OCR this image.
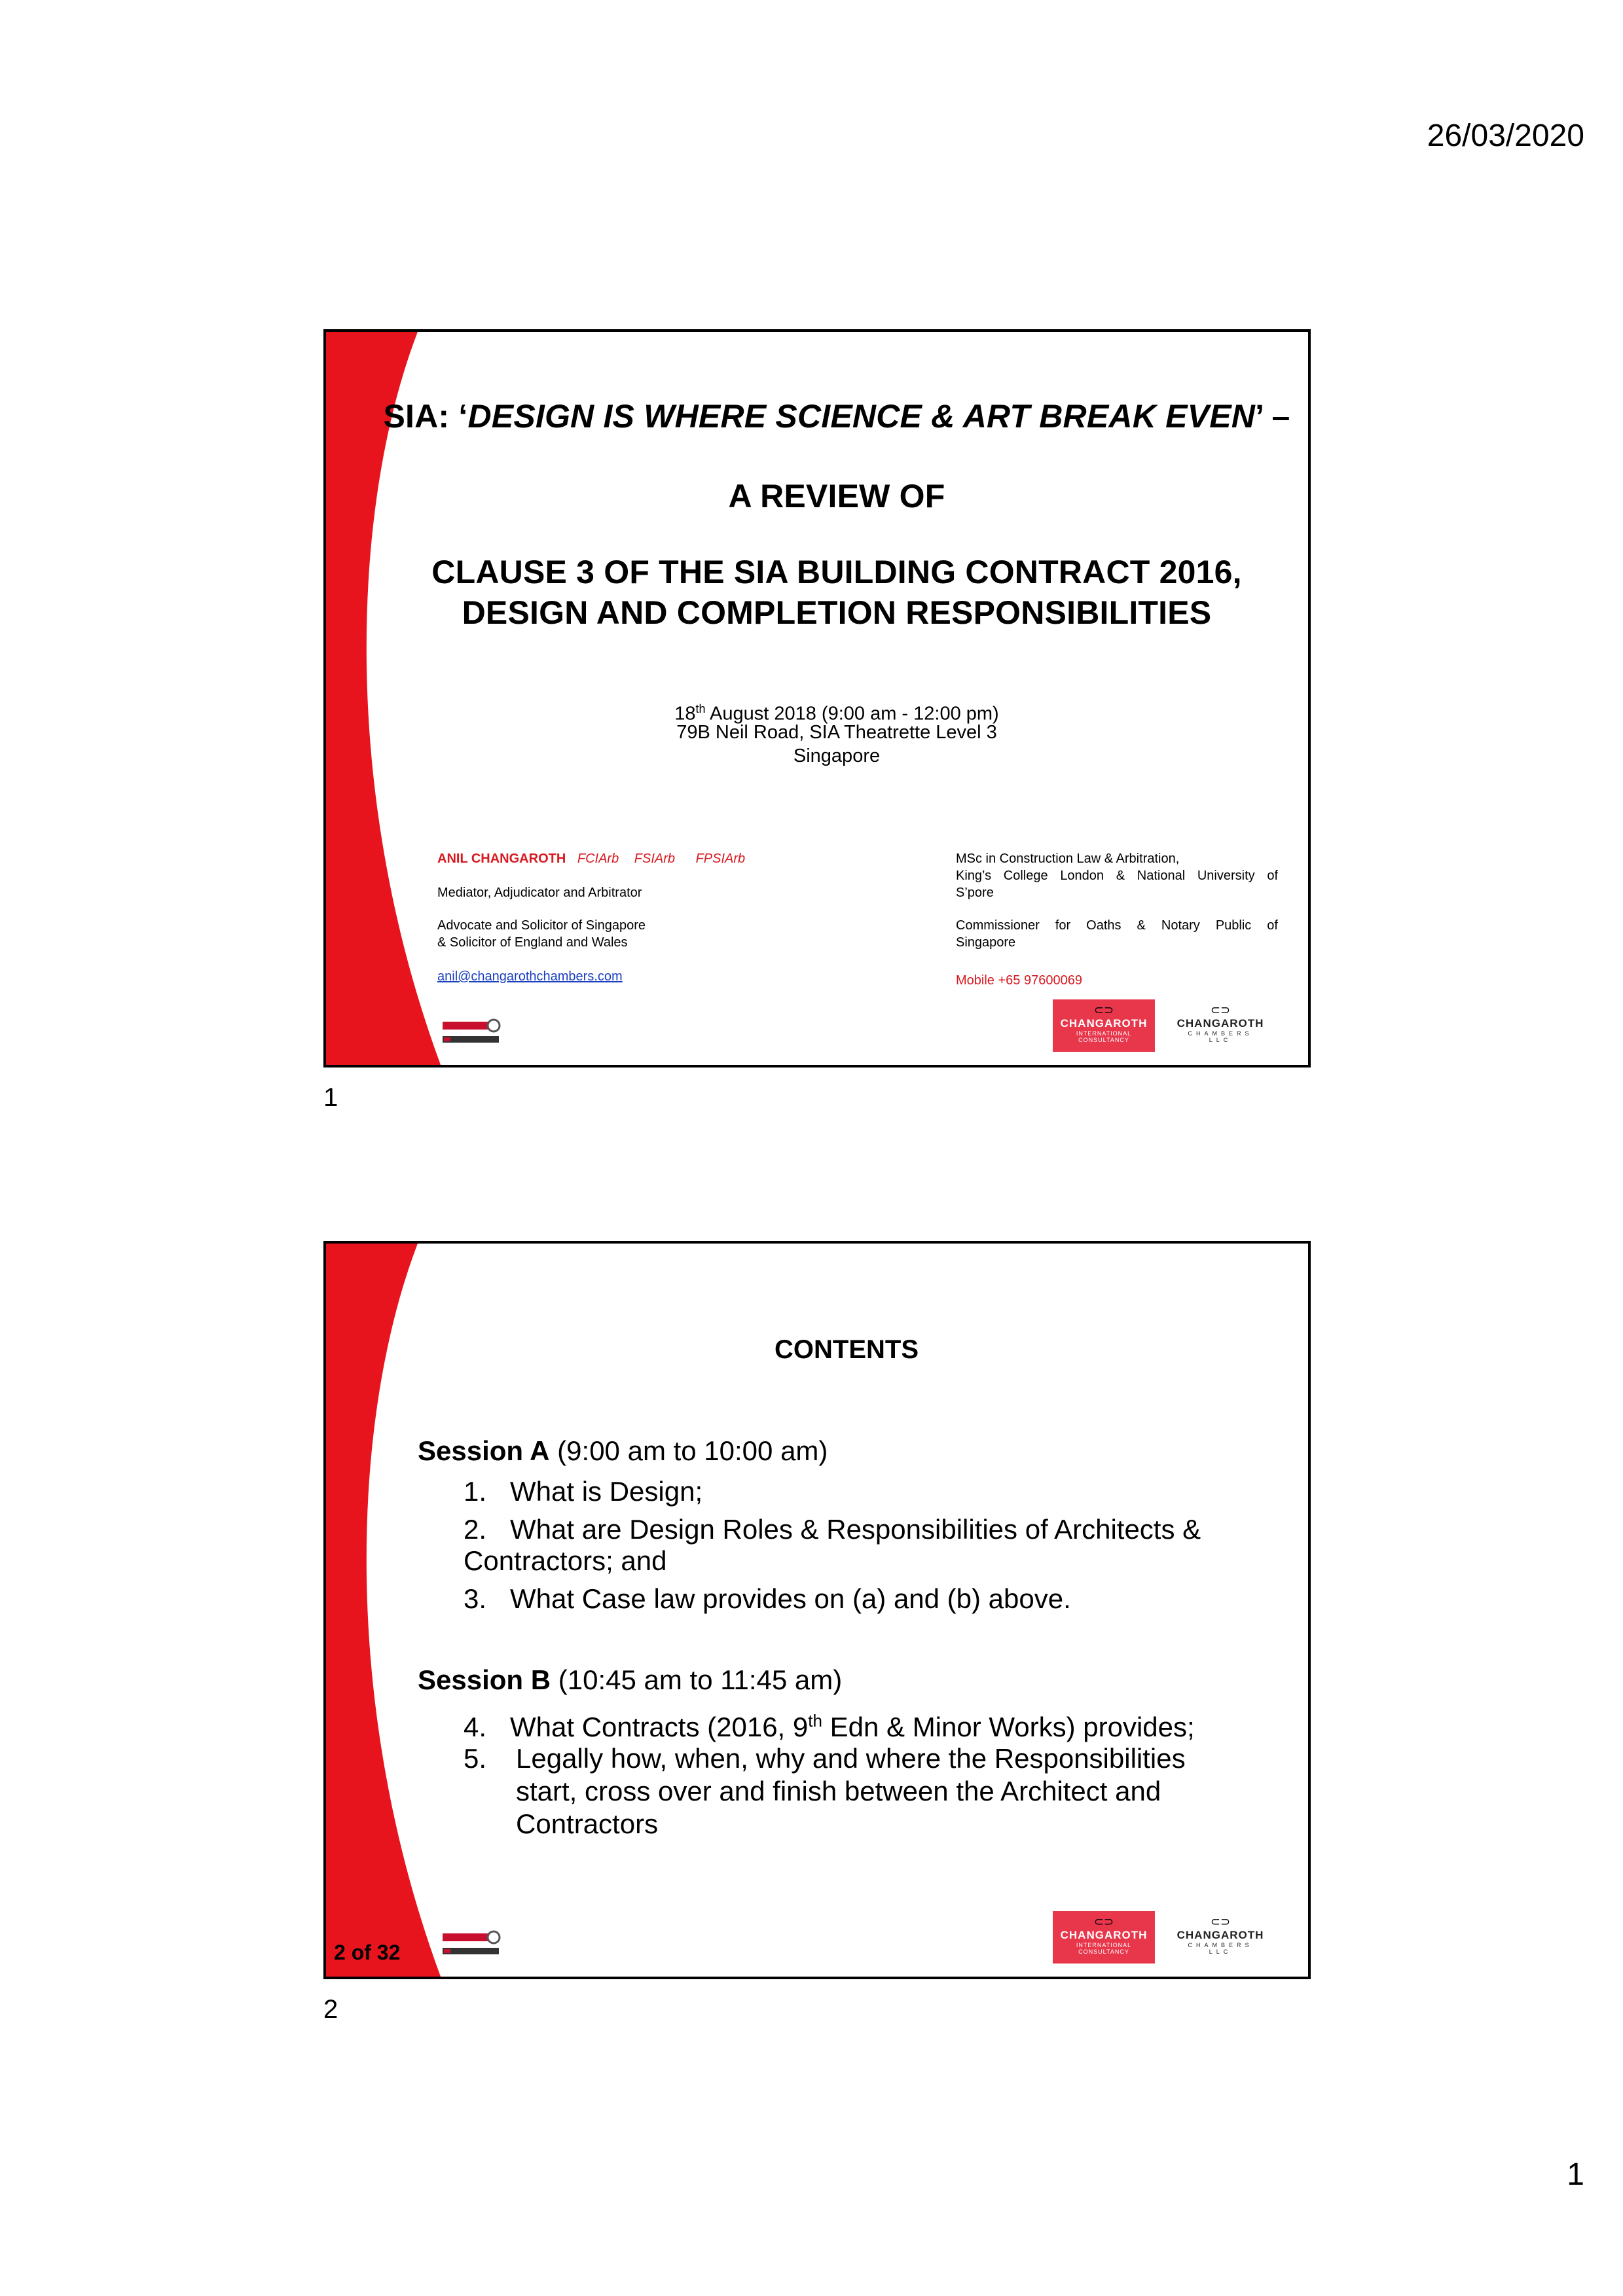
26/03/2020
1
SIA: ‘DESIGN IS WHERE SCIENCE & ART BREAK EVEN’ –
A REVIEW OF
CLAUSE 3 OF THE SIA BUILDING CONTRACT 2016,
DESIGN AND COMPLETION RESPONSIBILITIES
18th August 2018 (9:00 am - 12:00 pm)
79B Neil Road, SIA Theatrette Level 3
Singapore
ANIL CHANGAROTH FCIArb FSIArb FPSIArb
Mediator, Adjudicator and Arbitrator
Advocate and Solicitor of Singapore
& Solicitor of England and Wales
anil@changarothchambers.com
MSc in Construction Law & Arbitration,
King’s College London & National University of
S’pore
Commissioner for Oaths & Notary Public of
Singapore
Mobile +65 97600069
⊂⊃
CHANGAROTH
INTERNATIONAL CONSULTANCY
⊂⊃
CHANGAROTH
CHAMBERS LLC
1
CONTENTS
Session A (9:00 am to 10:00 am)
1. What is Design;
2. What are Design Roles & Responsibilities of Architects &
Contractors; and
3. What Case law provides on (a) and (b) above.
Session B (10:45 am to 11:45 am)
4. What Contracts (2016, 9th Edn & Minor Works) provides;
5. Legally how, when, why and where the Responsibilities
start, cross over and finish between the Architect and
Contractors
2 of 32
⊂⊃
CHANGAROTH
INTERNATIONAL CONSULTANCY
⊂⊃
CHANGAROTH
CHAMBERS LLC
2
